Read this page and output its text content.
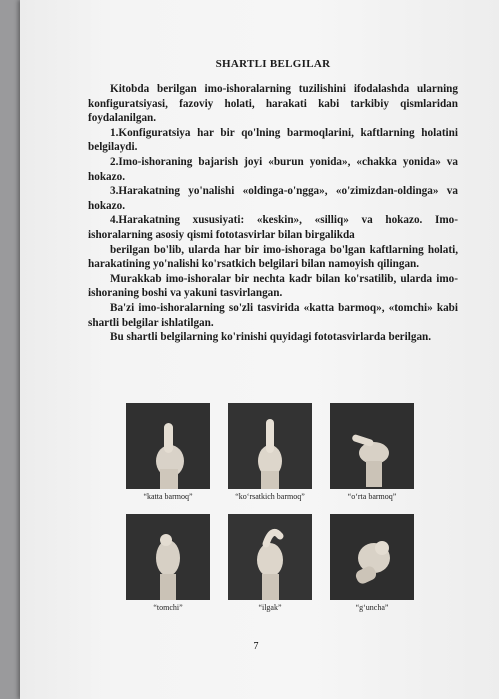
SHARTLI BELGILAR

Kitobda berilgan imo-ishoralarning tuzilishini ifodalashda ularning konfiguratsiyasi, fazoviy holati, harakati kabi tarkibiy qismlaridan foydalanilgan.

1.Konfiguratsiya har bir qo'lning barmoqlarini, kaftlarning holatini belgilaydi.

2.Imo-ishoraning bajarish joyi «burun yonida», «chakka yonida» va hokazo.

3.Harakatning yo'nalishi «oldinga-o'ngga», «o'zimizdan-oldinga» va hokazo.

4.Harakatning xususiyati: «keskin», «silliq» va hokazo. Imo-ishoralarning asosiy qismi fototasvirlar bilan birgalikda

berilgan bo'lib, ularda har bir imo-ishoraga bo'lgan kaftlarning holati, harakatining yo'nalishi ko'rsatkich belgilari bilan namoyish qilingan.

Murakkab imo-ishoralar bir nechta kadr bilan ko'rsatilib, ularda imo-ishoraning boshi va yakuni tasvirlangan.

Ba'zi imo-ishoralarning so'zli tasvirida «katta barmoq», «tomchi» kabi shartli belgilar ishlatilgan.

Bu shartli belgilarning ko'rinishi quyidagi fototasvirlarda berilgan.

“katta barmoq”	“ko‘rsatkich barmoq”	“o‘rta barmoq”
“tomchi”	“ilgak”	“g‘uncha”
7
